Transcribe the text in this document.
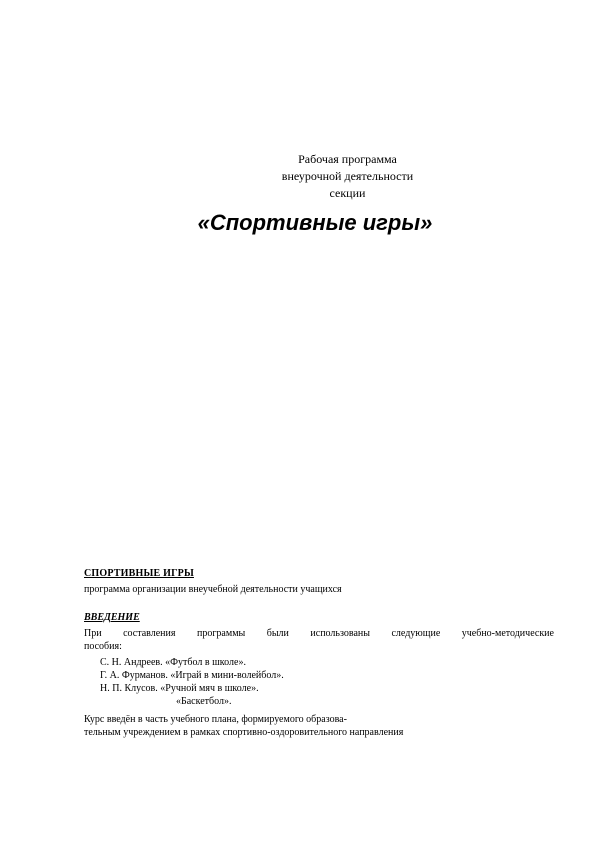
Рабочая программа
внеурочной деятельности
секции
«Спортивные игры»
СПОРТИВНЫЕ ИГРЫ
программа организации внеучебной деятельности учащихся
ВВЕДЕНИЕ
При составления программы были использованы следующие учебно-методические
пособия:
С. Н. Андреев. «Футбол в школе».
Г. А. Фурманов. «Играй в мини-волейбол».
Н. П. Клусов. «Ручной мяч в школе».
«Баскетбол».
Курс введён в часть учебного плана, формируемого образова-
тельным учреждением в рамках спортивно-оздоровительного направления
